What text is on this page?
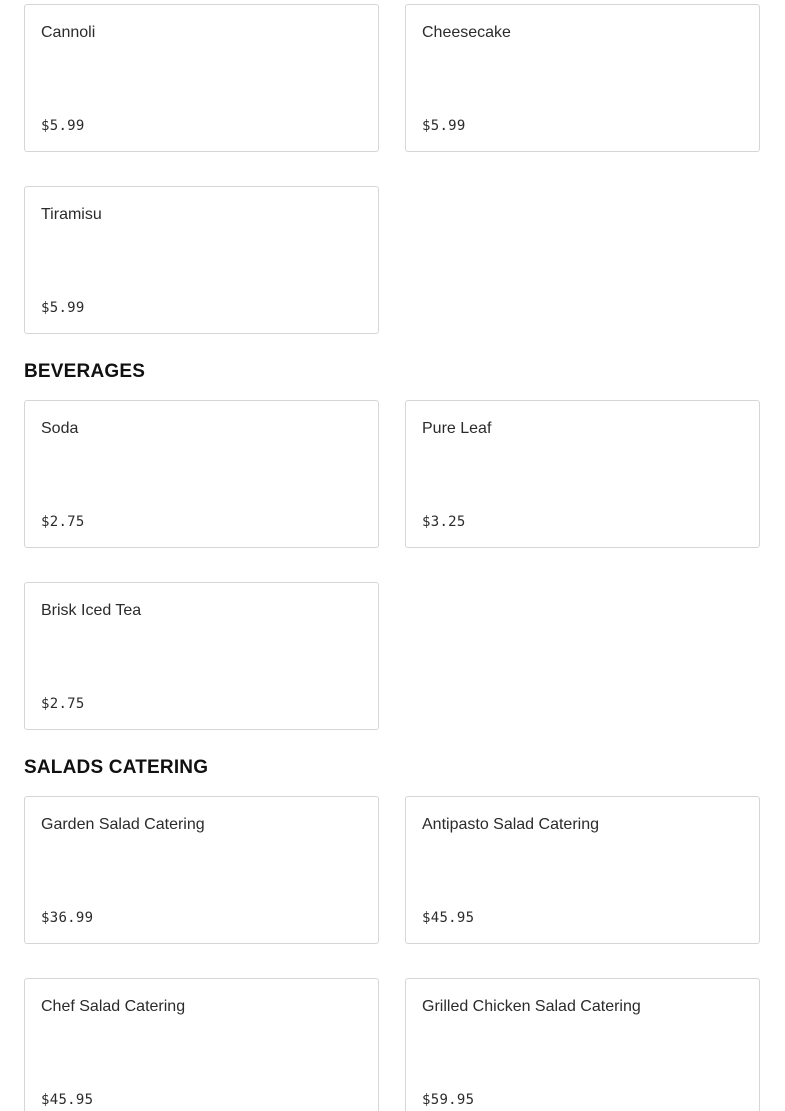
Cannoli
$5.99
Cheesecake
$5.99
Tiramisu
$5.99
BEVERAGES
Soda
$2.75
Pure Leaf
$3.25
Brisk Iced Tea
$2.75
SALADS CATERING
Garden Salad Catering
$36.99
Antipasto Salad Catering
$45.95
Chef Salad Catering
$45.95
Grilled Chicken Salad Catering
$59.95
